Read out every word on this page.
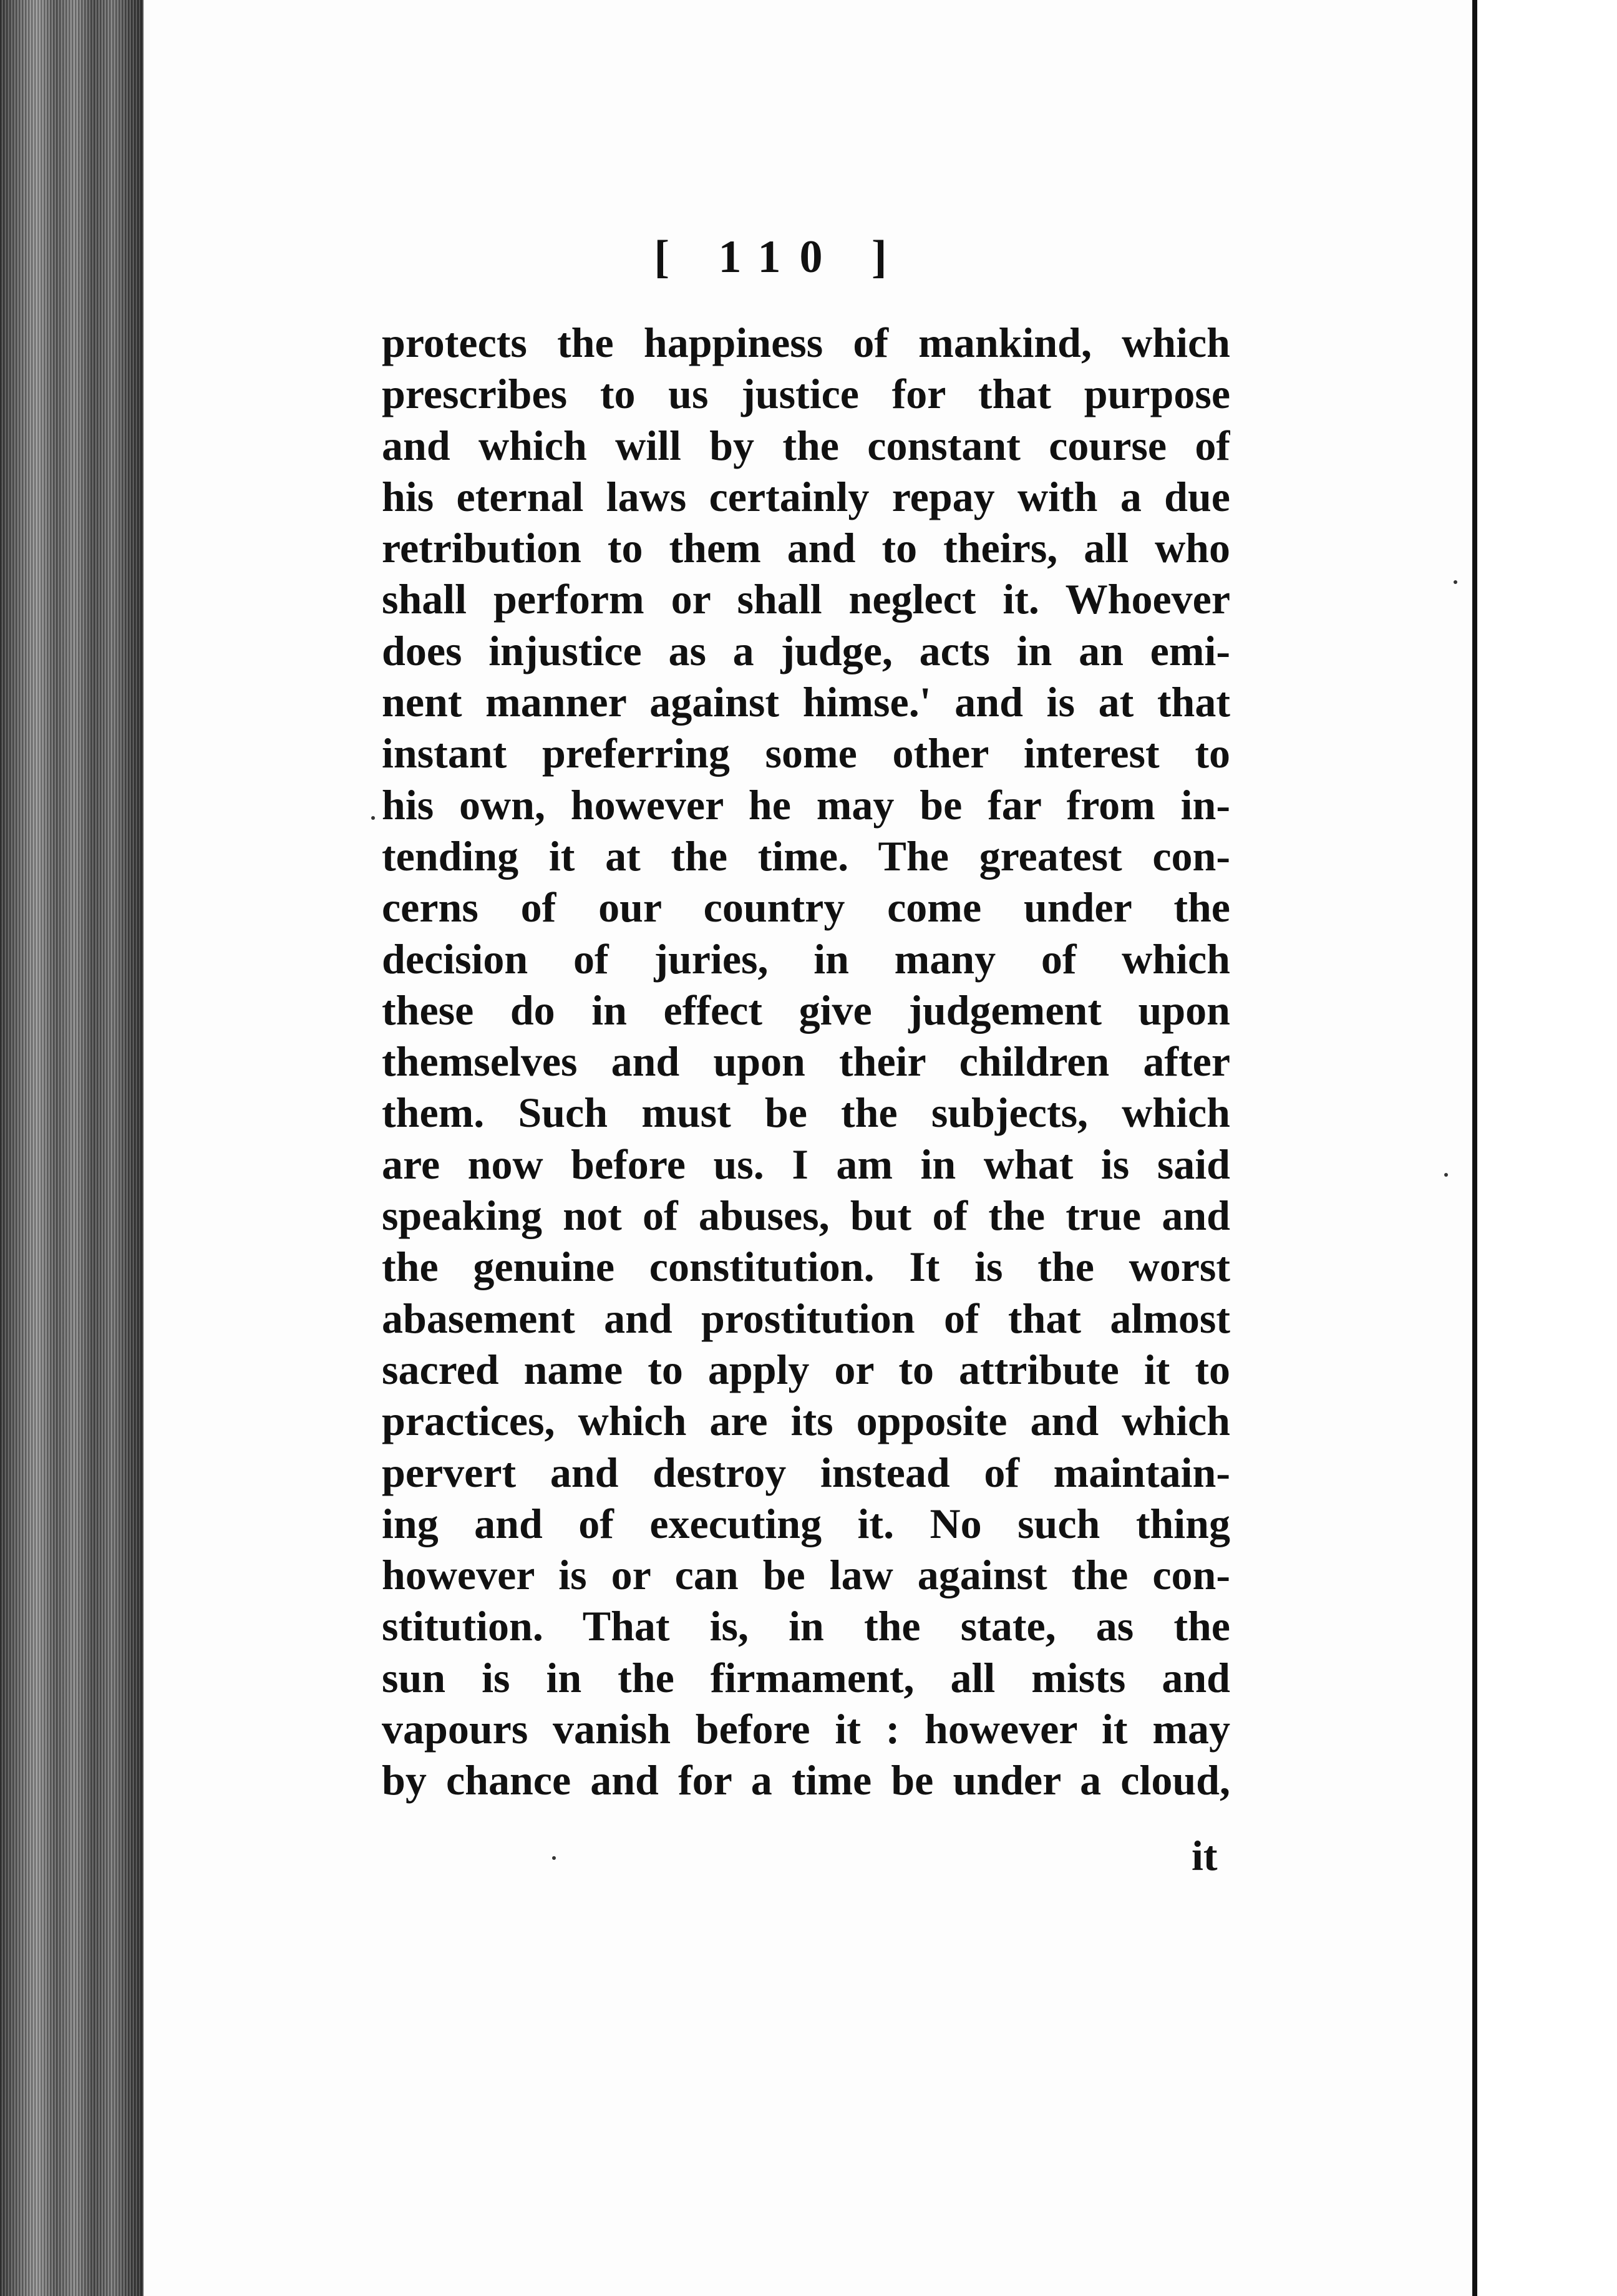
[ 110 ]
protects the happiness of mankind, which
prescribes to us justice for that purpose
and which will by the constant course of
his eternal laws certainly repay with a due
retribution to them and to theirs, all who
shall perform or shall neglect it. Whoever
does injustice as a judge, acts in an emi-
nent manner against himse.' and is at that
instant preferring some other interest to
his own, however he may be far from in-
tending it at the time. The greatest con-
cerns of our country come under the
decision of juries, in many of which
these do in effect give judgement upon
themselves and upon their children after
them. Such must be the subjects, which
are now before us. I am in what is said
speaking not of abuses, but of the true and
the genuine constitution. It is the worst
abasement and prostitution of that almost
sacred name to apply or to attribute it to
practices, which are its opposite and which
pervert and destroy instead of maintain-
ing and of executing it. No such thing
however is or can be law against the con-
stitution. That is, in the state, as the
sun is in the firmament, all mists and
vapours vanish before it : however it may
by chance and for a time be under a cloud,
it
